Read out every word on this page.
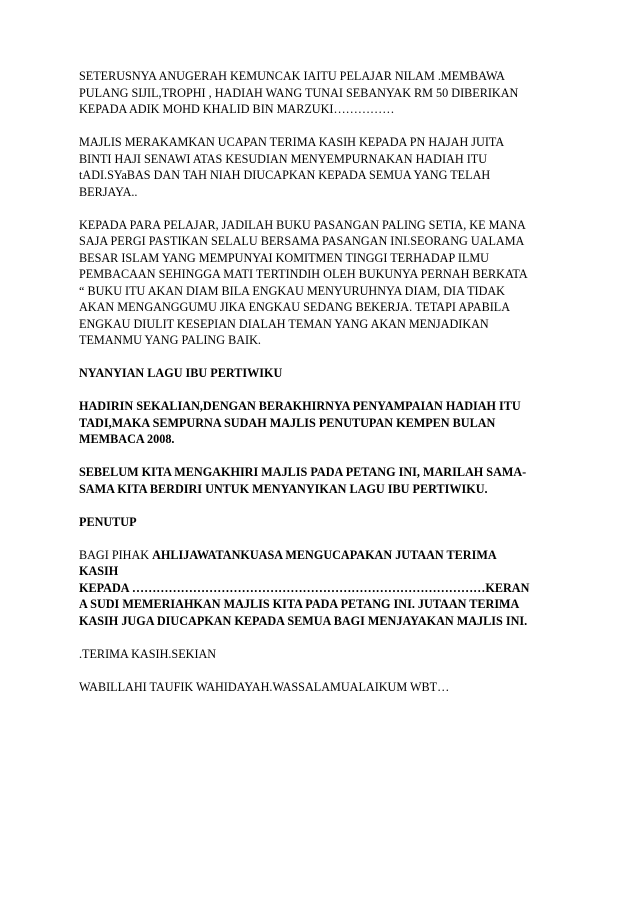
SETERUSNYA ANUGERAH KEMUNCAK IAITU PELAJAR NILAM .MEMBAWA
PULANG SIJIL,TROPHI , HADIAH WANG TUNAI SEBANYAK RM 50 DIBERIKAN
KEPADA ADIK MOHD KHALID BIN MARZUKI……………

MAJLIS MERAKAMKAN UCAPAN TERIMA KASIH KEPADA PN HAJAH JUITA
BINTI HAJI SENAWI ATAS KESUDIAN MENYEMPURNAKAN HADIAH ITU
tADI.SYaBAS DAN TAH NIAH DIUCAPKAN KEPADA SEMUA YANG TELAH
BERJAYA..

KEPADA PARA PELAJAR, JADILAH BUKU PASANGAN PALING SETIA, KE MANA
SAJA PERGI PASTIKAN SELALU BERSAMA PASANGAN INI.SEORANG UALAMA
BESAR ISLAM YANG MEMPUNYAI KOMITMEN TINGGI TERHADAP ILMU
PEMBACAAN SEHINGGA MATI TERTINDIH OLEH BUKUNYA PERNAH BERKATA
“ BUKU ITU AKAN DIAM BILA ENGKAU MENYURUHNYA DIAM, DIA TIDAK
AKAN MENGANGGUMU JIKA ENGKAU SEDANG BEKERJA. TETAPI APABILA
ENGKAU DIULIT KESEPIAN DIALAH TEMAN YANG AKAN MENJADIKAN
TEMANMU YANG PALING BAIK.

NYANYIAN LAGU IBU PERTIWIKU

HADIRIN SEKALIAN,DENGAN BERAKHIRNYA PENYAMPAIAN HADIAH ITU
TADI,MAKA SEMPURNA SUDAH MAJLIS PENUTUPAN KEMPEN BULAN
MEMBACA 2008.

SEBELUM KITA MENGAKHIRI MAJLIS PADA PETANG INI, MARILAH SAMA-
SAMA KITA BERDIRI UNTUK MENYANYIKAN LAGU IBU PERTIWIKU.

PENUTUP

BAGI PIHAK AHLIJAWATANKUASA MENGUCAPAKAN JUTAAN TERIMA
KASIH
KEPADA ……………………………………………………………………………KERAN
A SUDI MEMERIAHKAN MAJLIS KITA PADA PETANG INI. JUTAAN TERIMA
KASIH JUGA DIUCAPKAN KEPADA SEMUA BAGI MENJAYAKAN MAJLIS INI.

.TERIMA KASIH.SEKIAN

WABILLAHI TAUFIK WAHIDAYAH.WASSALAMUALAIKUM WBT…
